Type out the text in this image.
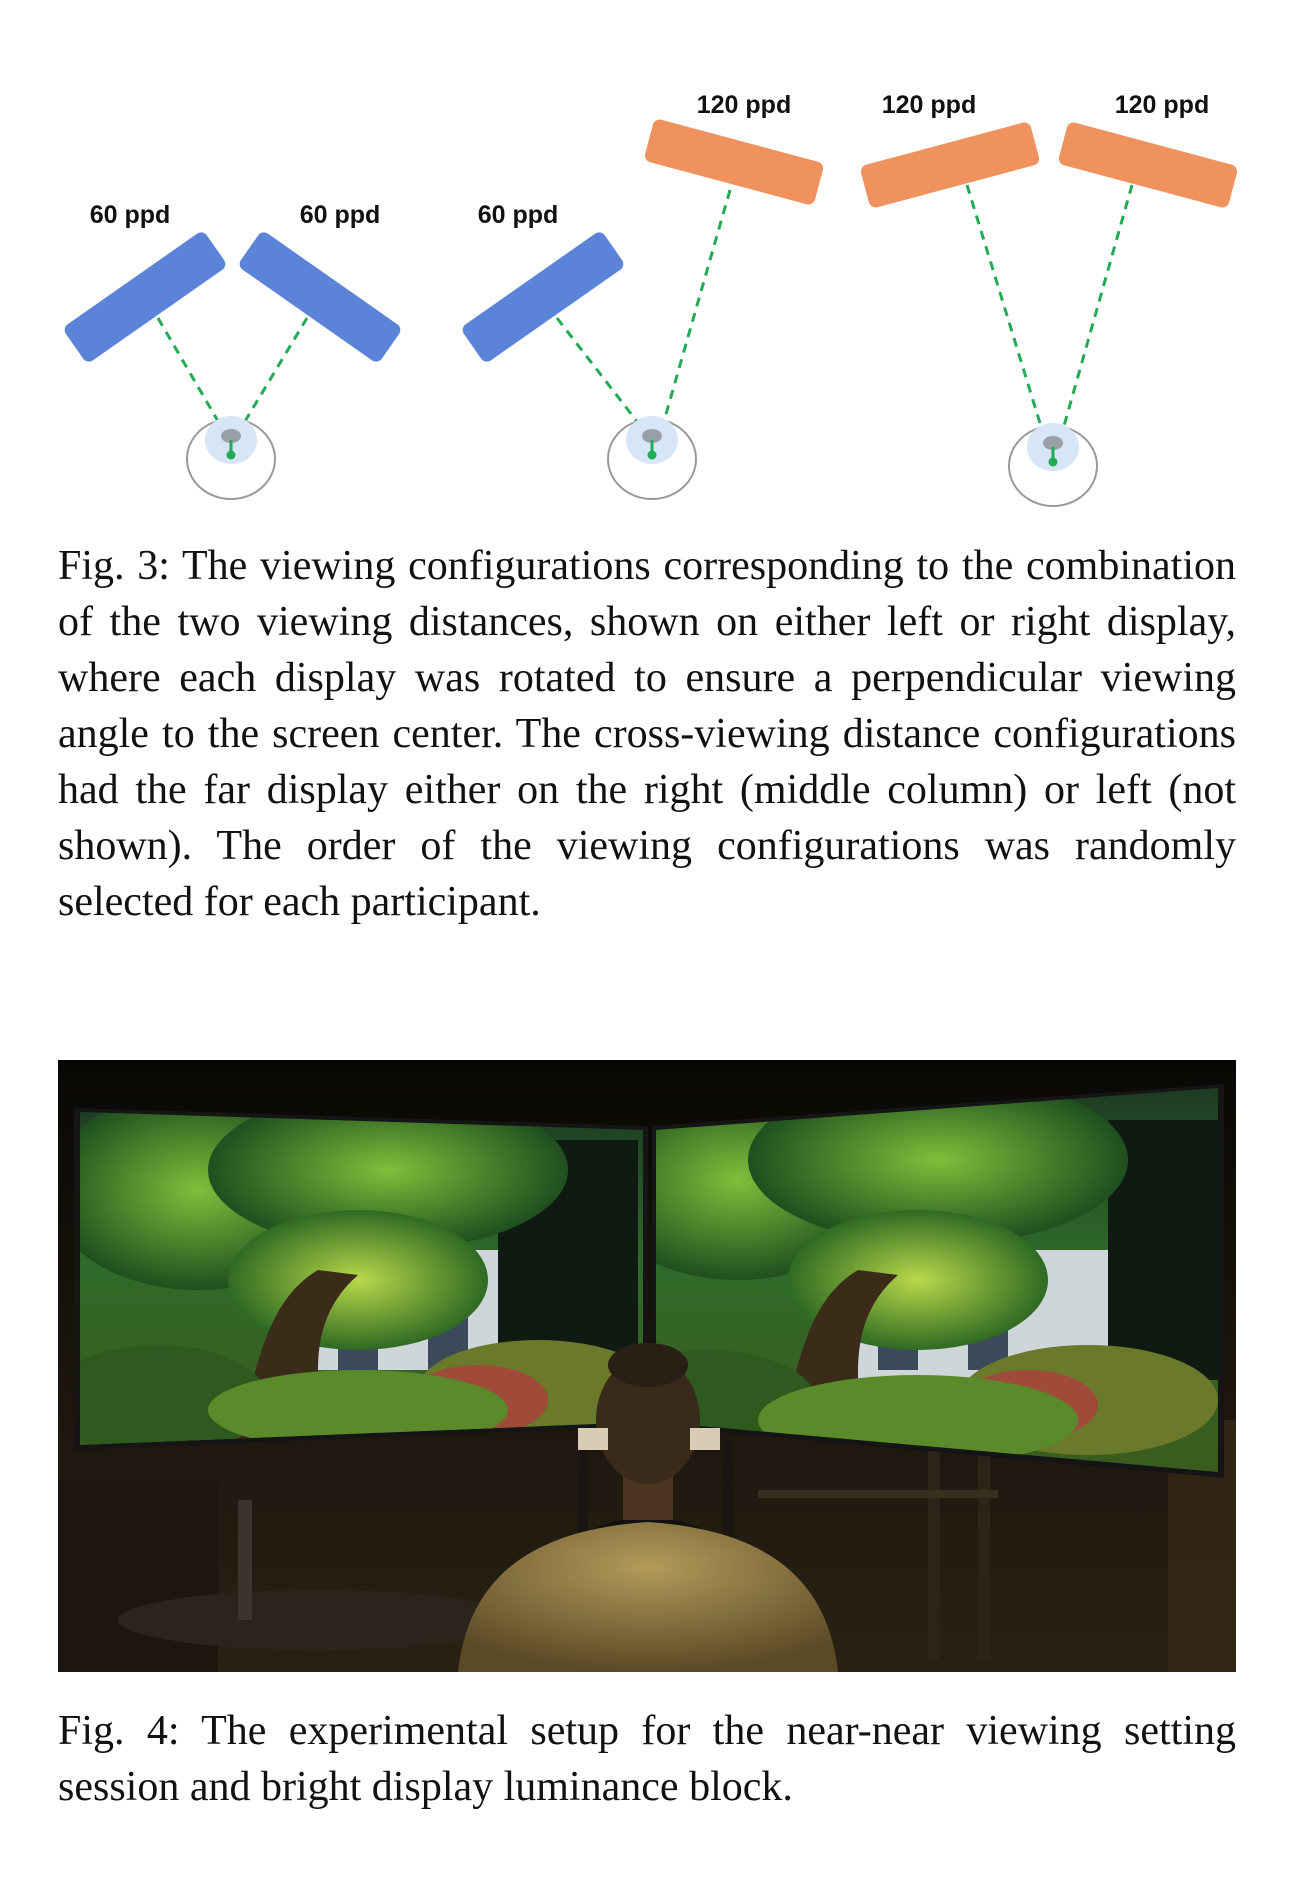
60 ppd	60 ppd	60 ppd
120 ppd	120 ppd	120 ppd

Fig. 3: The viewing configurations corresponding to the combination of the two viewing distances, shown on either left or right display, where each display was rotated to ensure a perpendicular viewing angle to the screen center. The cross-viewing distance configurations had the far display either on the right (middle column) or left (not shown). The order of the viewing configurations was randomly selected for each participant.

Fig. 4: The experimental setup for the near-near viewing setting session and bright display luminance block.
